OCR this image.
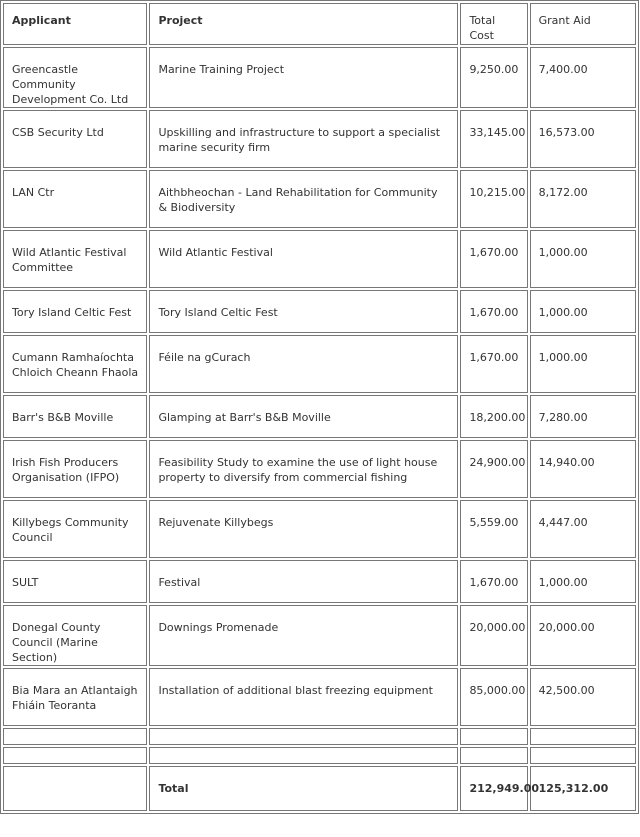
Applicant	Project	Total Cost	Grant Aid
Greencastle Community Development Co. Ltd	Marine Training Project	9,250.00	7,400.00
CSB Security Ltd	Upskilling and infrastructure to support a specialist marine security firm	33,145.00	16,573.00
LAN Ctr	Aithbheochan - Land Rehabilitation for Community & Biodiversity	10,215.00	8,172.00
Wild Atlantic Festival Committee	Wild Atlantic Festival	1,670.00	1,000.00
Tory Island Celtic Fest	Tory Island Celtic Fest	1,670.00	1,000.00
Cumann Ramhaíochta Chloich Cheann Fhaola	Féile na gCurach	1,670.00	1,000.00
Barr's B&B Moville	Glamping at Barr's B&B Moville	18,200.00	7,280.00
Irish Fish Producers Organisation (IFPO)	Feasibility Study to examine the use of light house property to diversify from commercial fishing	24,900.00	14,940.00
Killybegs Community Council	Rejuvenate Killybegs	5,559.00	4,447.00
SULT	Festival	1,670.00	1,000.00
Donegal County Council (Marine Section)	Downings Promenade	20,000.00	20,000.00
Bia Mara an Atlantaigh Fhiáin Teoranta	Installation of additional blast freezing equipment	85,000.00	42,500.00

	Total	212,949.00	125,312.00
